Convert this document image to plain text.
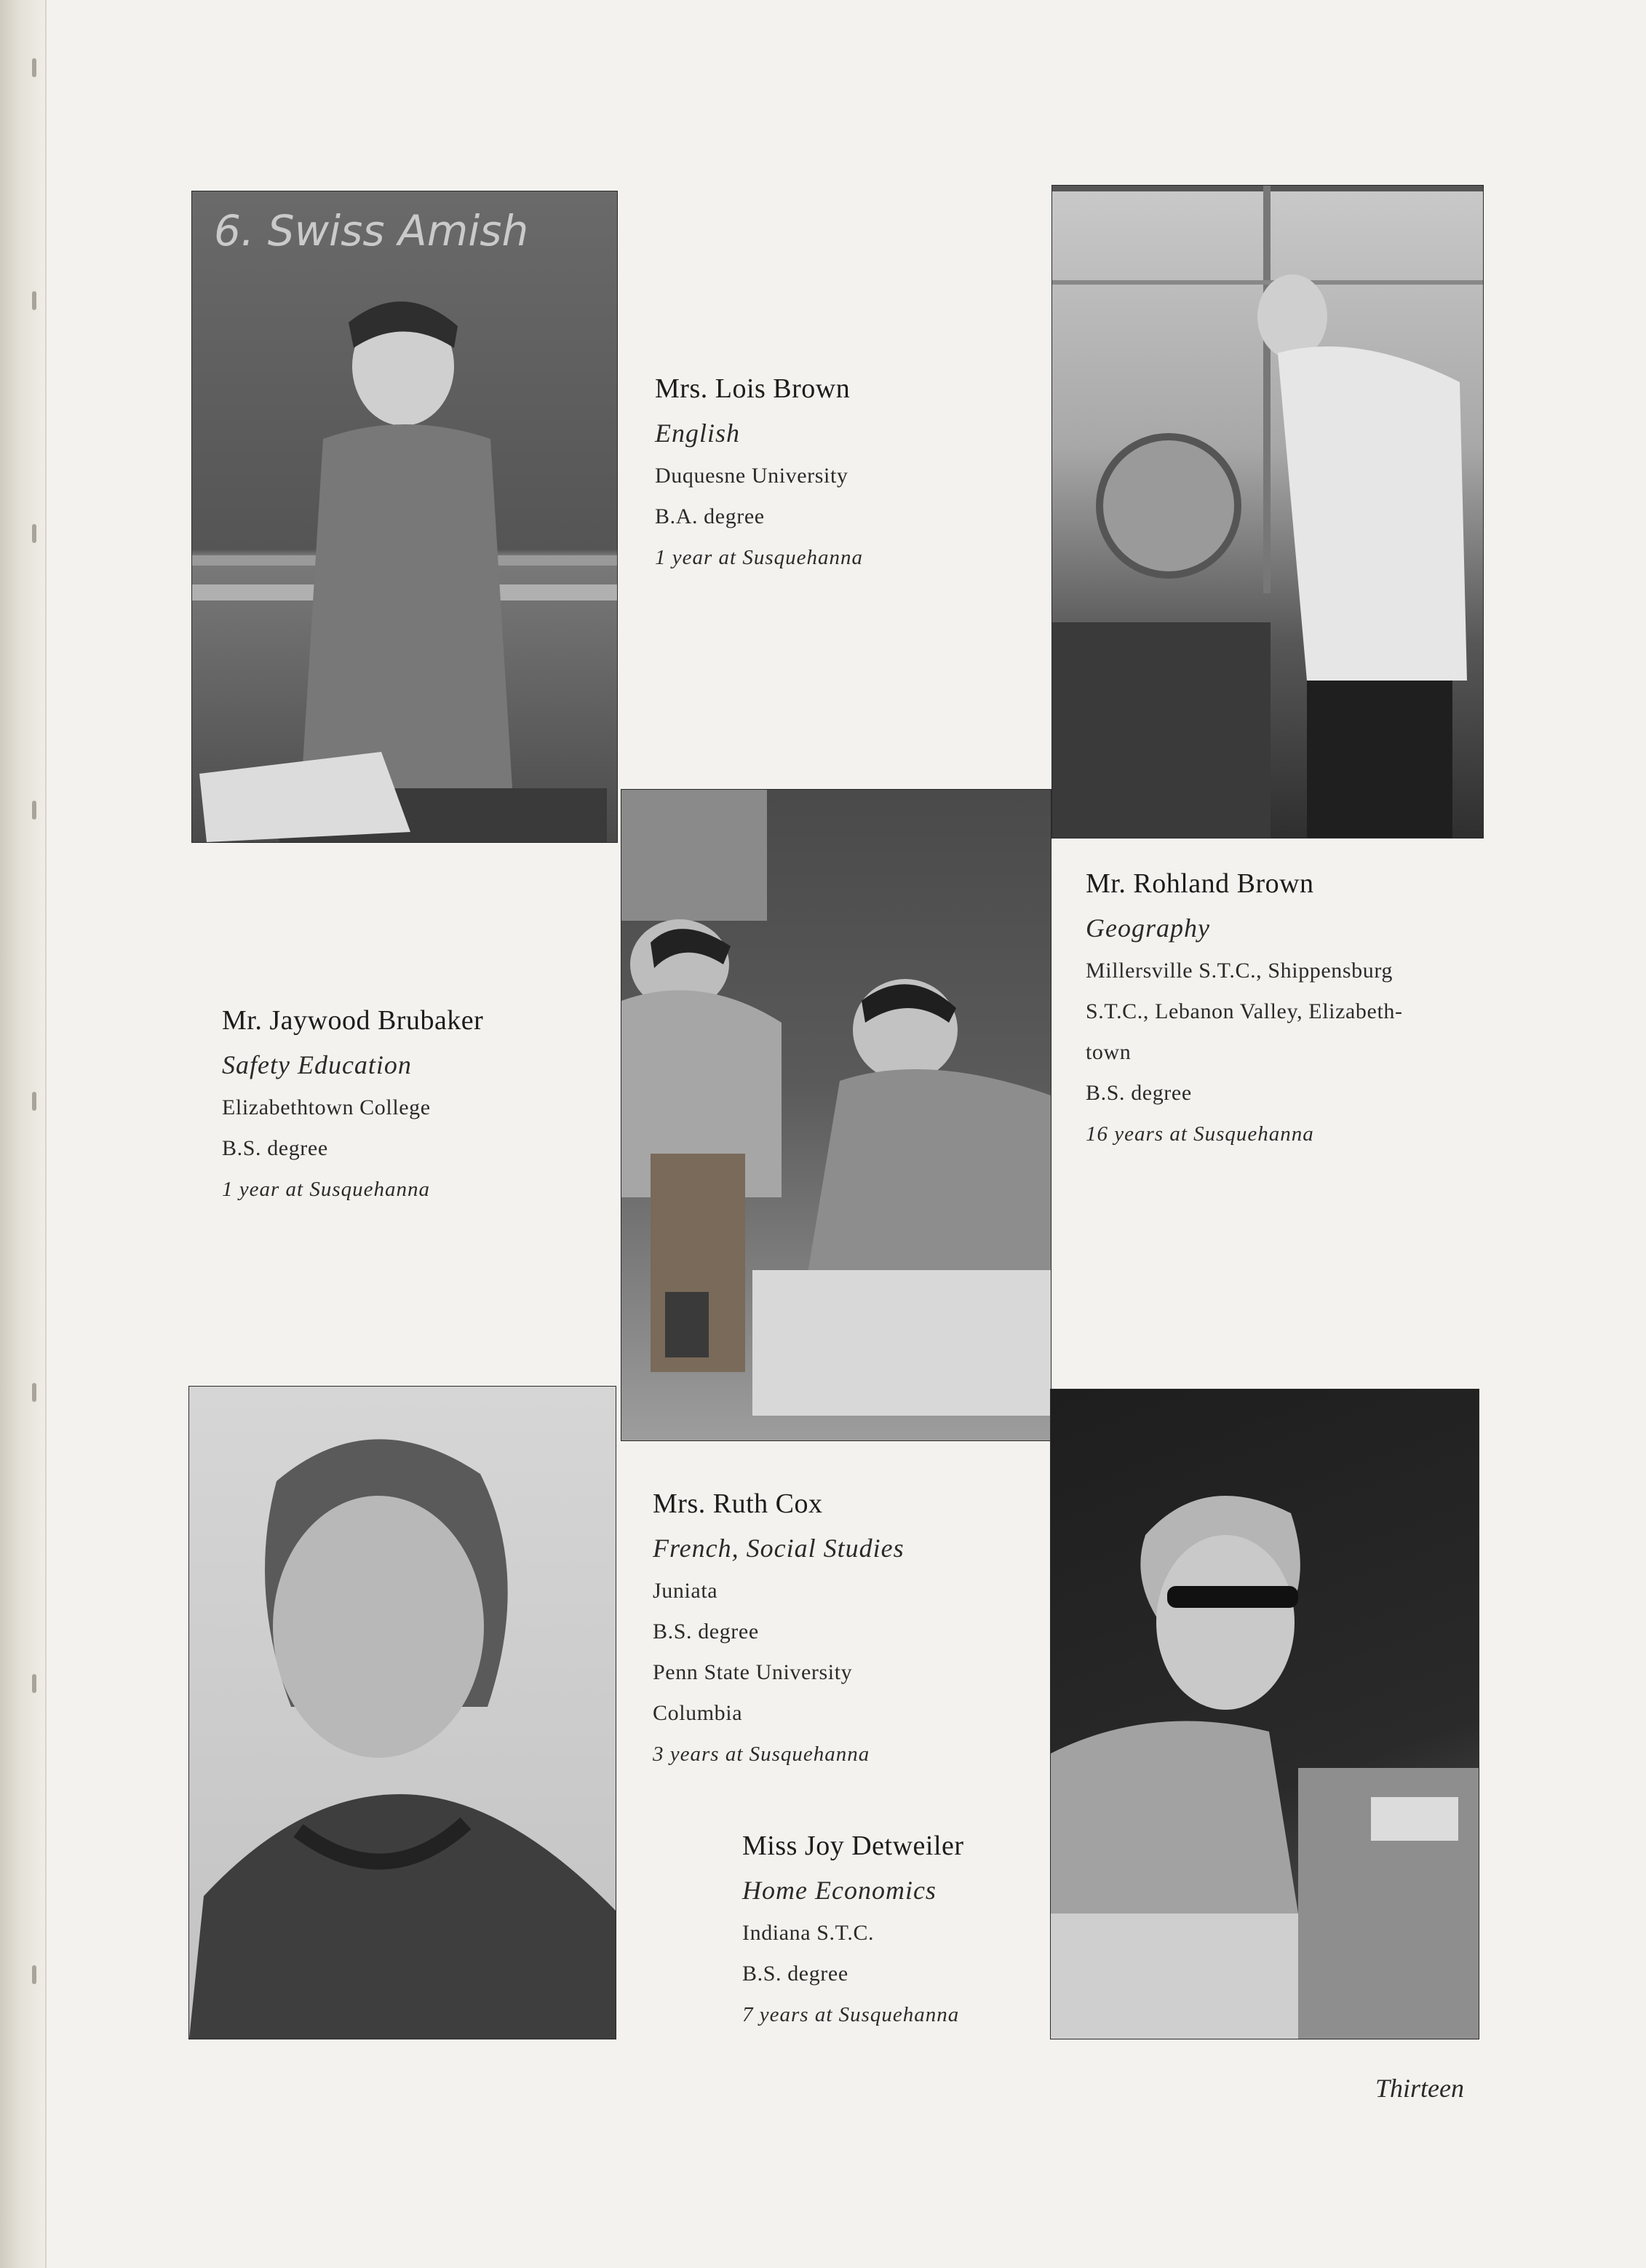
6. Swiss Amish

Mrs. Lois Brown

English

Duquesne University

B.A. degree

1 year at Susquehanna

Mr. Rohland Brown

Geography

Millersville S.T.C., Shippensburg

S.T.C., Lebanon Valley, Elizabeth-

town

B.S. degree

16 years at Susquehanna

Mr. Jaywood Brubaker

Safety Education

Elizabethtown College

B.S. degree

1 year at Susquehanna

Mrs. Ruth Cox

French, Social Studies

Juniata

B.S. degree

Penn State University

Columbia

3 years at Susquehanna

Miss Joy Detweiler

Home Economics

Indiana S.T.C.

B.S. degree

7 years at Susquehanna

Thirteen
